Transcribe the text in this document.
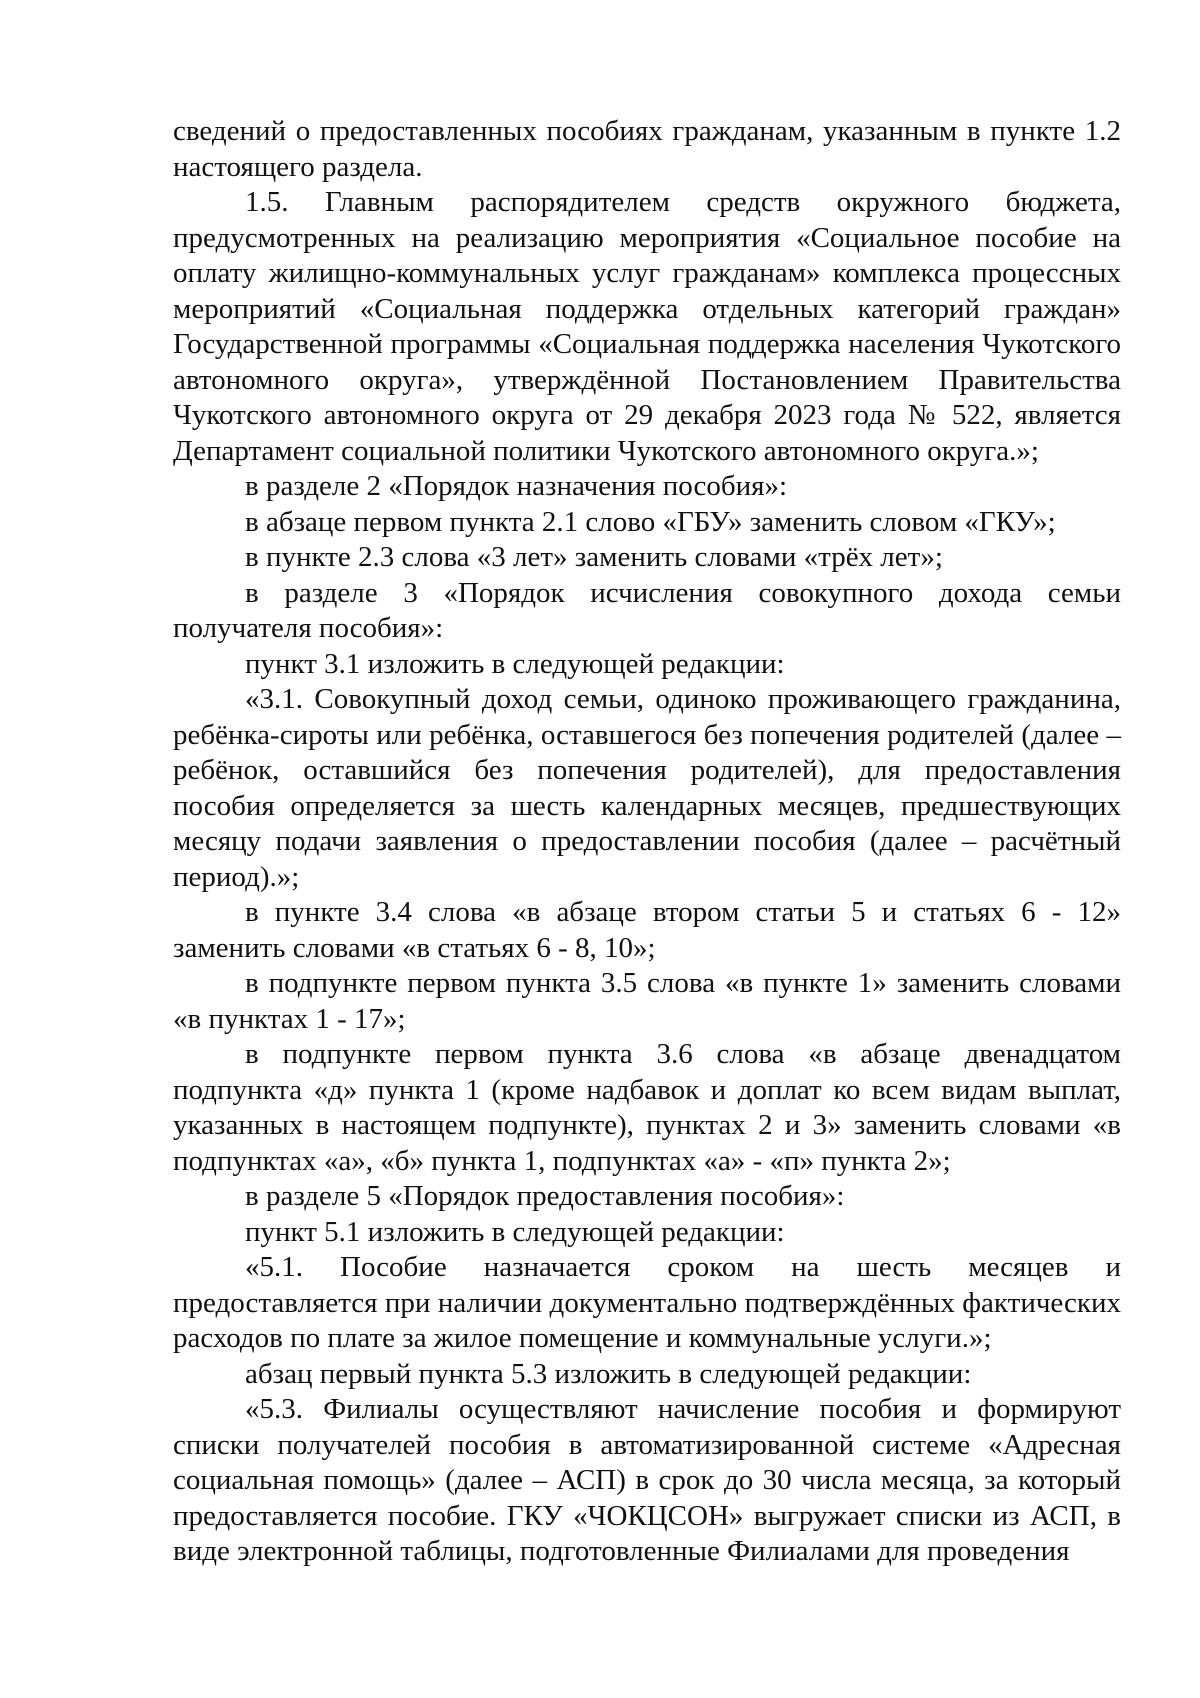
сведений о предоставленных пособиях гражданам, указанным в пункте 1.2 настоящего раздела.

1.5. Главным распорядителем средств окружного бюджета, предусмотренных на реализацию мероприятия «Социальное пособие на оплату жилищно-коммунальных услуг гражданам» комплекса процессных мероприятий «Социальная поддержка отдельных категорий граждан» Государственной программы «Социальная поддержка населения Чукотского автономного округа», утверждённой Постановлением Правительства Чукотского автономного округа от 29 декабря 2023 года № 522, является Департамент социальной политики Чукотского автономного округа.»;

в разделе 2 «Порядок назначения пособия»:

в абзаце первом пункта 2.1 слово «ГБУ» заменить словом «ГКУ»;

в пункте 2.3 слова «3 лет» заменить словами «трёх лет»;

в разделе 3 «Порядок исчисления совокупного дохода семьи получателя пособия»:

пункт 3.1 изложить в следующей редакции:

«3.1. Совокупный доход семьи, одиноко проживающего гражданина, ребёнка-сироты или ребёнка, оставшегося без попечения родителей (далее – ребёнок, оставшийся без попечения родителей), для предоставления пособия определяется за шесть календарных месяцев, предшествующих месяцу подачи заявления о предоставлении пособия (далее – расчётный период).»;

в пункте 3.4 слова «в абзаце втором статьи 5 и статьях 6 - 12» заменить словами «в статьях 6 - 8, 10»;

в подпункте первом пункта 3.5 слова «в пункте 1» заменить словами «в пунктах 1 - 17»;

в подпункте первом пункта 3.6 слова «в абзаце двенадцатом подпункта «д» пункта 1 (кроме надбавок и доплат ко всем видам выплат, указанных в настоящем подпункте), пунктах 2 и 3» заменить словами «в подпунктах «а», «б» пункта 1, подпунктах «а» - «п» пункта 2»;

в разделе 5 «Порядок предоставления пособия»:

пункт 5.1 изложить в следующей редакции:

«5.1. Пособие назначается сроком на шесть месяцев и предоставляется при наличии документально подтверждённых фактических расходов по плате за жилое помещение и коммунальные услуги.»;

абзац первый пункта 5.3 изложить в следующей редакции:

«5.3. Филиалы осуществляют начисление пособия и формируют списки получателей пособия в автоматизированной системе «Адресная социальная помощь» (далее – АСП) в срок до 30 числа месяца, за который предоставляется пособие. ГКУ «ЧОКЦСОН» выгружает списки из АСП, в виде электронной таблицы, подготовленные Филиалами для проведения
